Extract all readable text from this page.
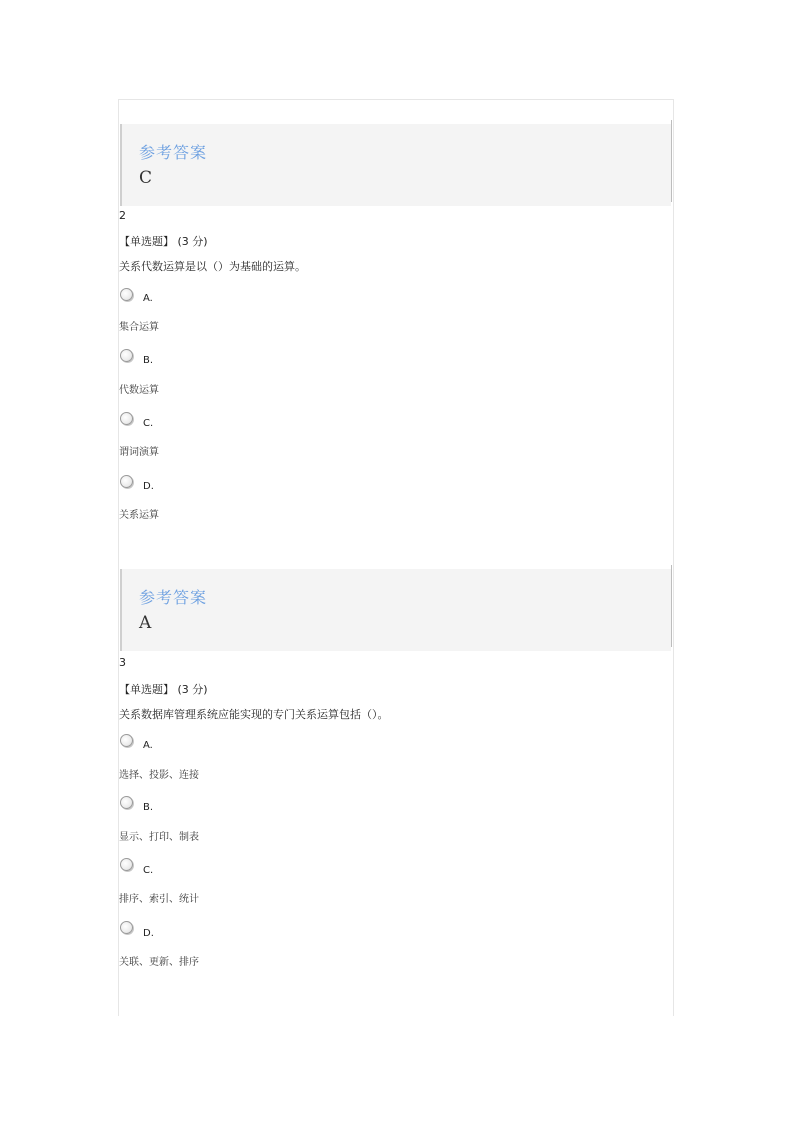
参考答案
C
2
【单选题】 (3 分)
关系代数运算是以（）为基础的运算。
A.
集合运算
B.
代数运算
C.
谓词演算
D.
关系运算
参考答案
A
3
【单选题】 (3 分)
关系数据库管理系统应能实现的专门关系运算包括（）。
A.
选择、投影、连接
B.
显示、打印、制表
C.
排序、索引、统计
D.
关联、更新、排序
